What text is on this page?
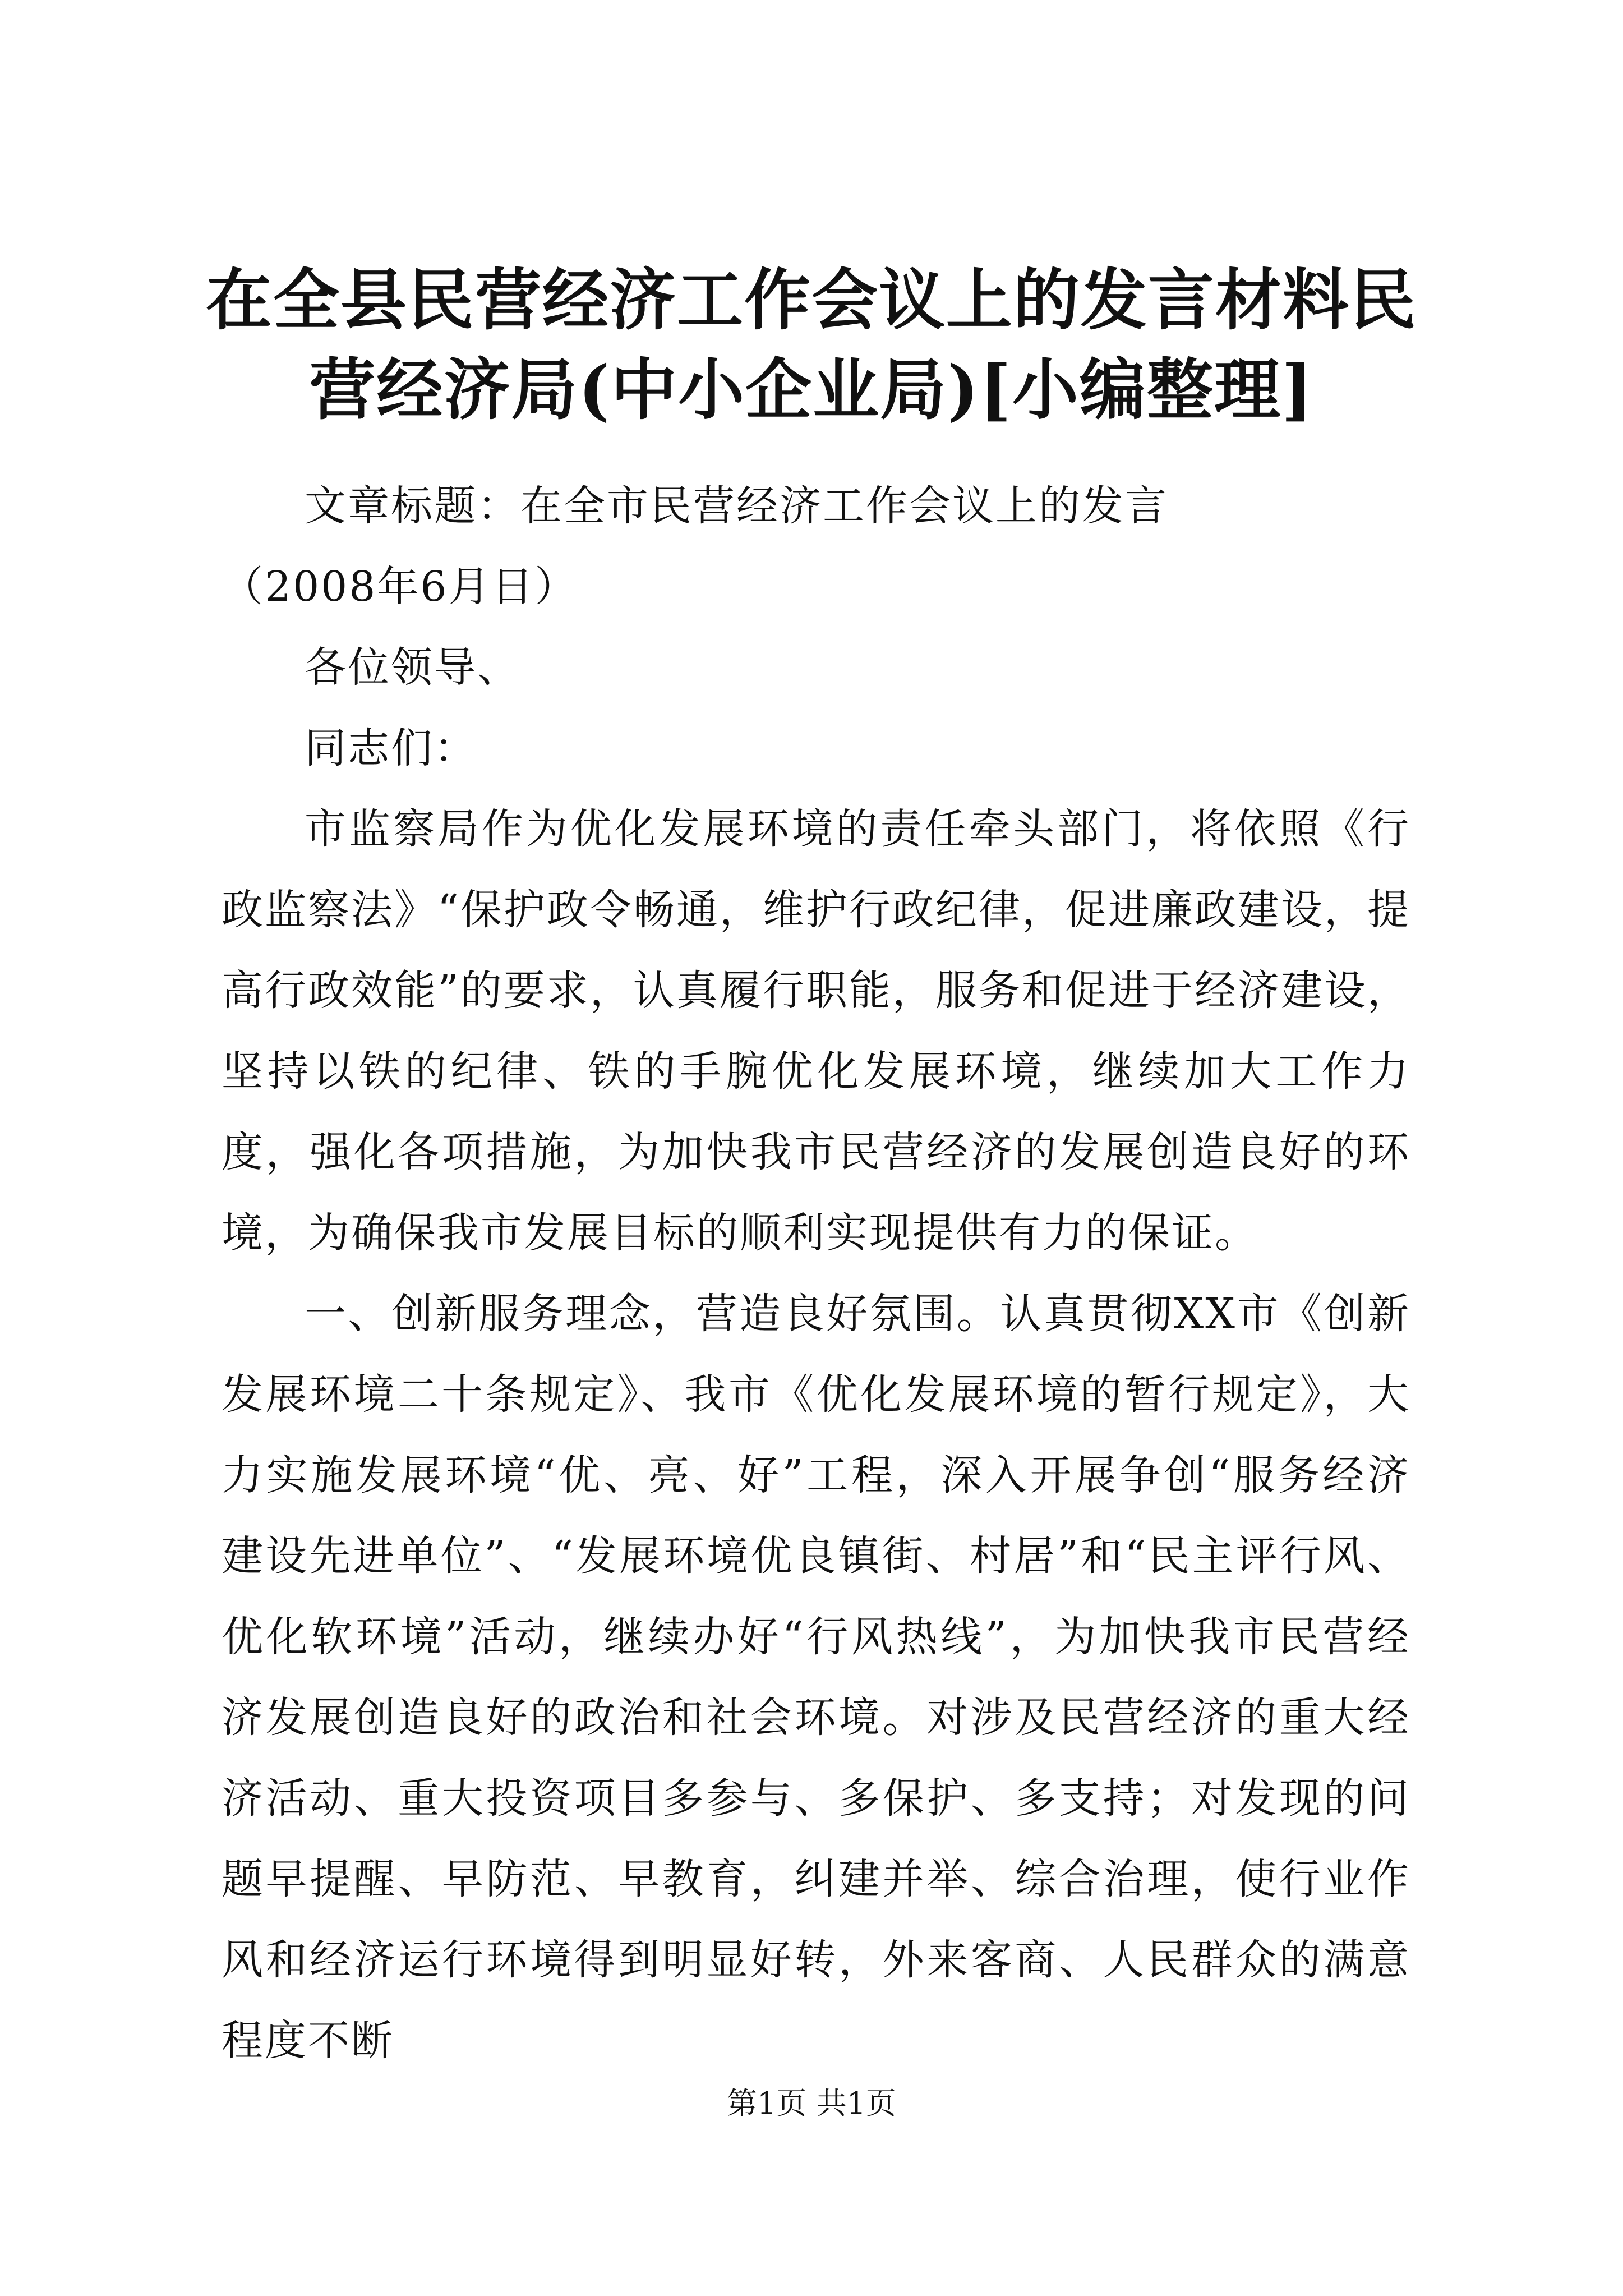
在全县民营经济工作会议上的发言材料民营经济局(中小企业局)[小编整理]

文章标题：在全市民营经济工作会议上的发言

（2008年6月日）

各位领导、

同志们：

市监察局作为优化发展环境的责任牵头部门，将依照《行政监察法》“保护政令畅通，维护行政纪律，促进廉政建设，提高行政效能”的要求，认真履行职能，服务和促进于经济建设，坚持以铁的纪律、铁的手腕优化发展环境，继续加大工作力度，强化各项措施，为加快我市民营经济的发展创造良好的环境，为确保我市发展目标的顺利实现提供有力的保证。

一、创新服务理念，营造良好氛围。认真贯彻XX市《创新发展环境二十条规定》、我市《优化发展环境的暂行规定》，大力实施发展环境“优、亮、好”工程，深入开展争创“服务经济建设先进单位”、“发展环境优良镇街、村居”和“民主评行风、优化软环境”活动，继续办好“行风热线”，为加快我市民营经济发展创造良好的政治和社会环境。对涉及民营经济的重大经济活动、重大投资项目多参与、多保护、多支持；对发现的问题早提醒、早防范、早教育，纠建并举、综合治理，使行业作风和经济运行环境得到明显好转，外来客商、人民群众的满意程度不断

第1页 共1页
